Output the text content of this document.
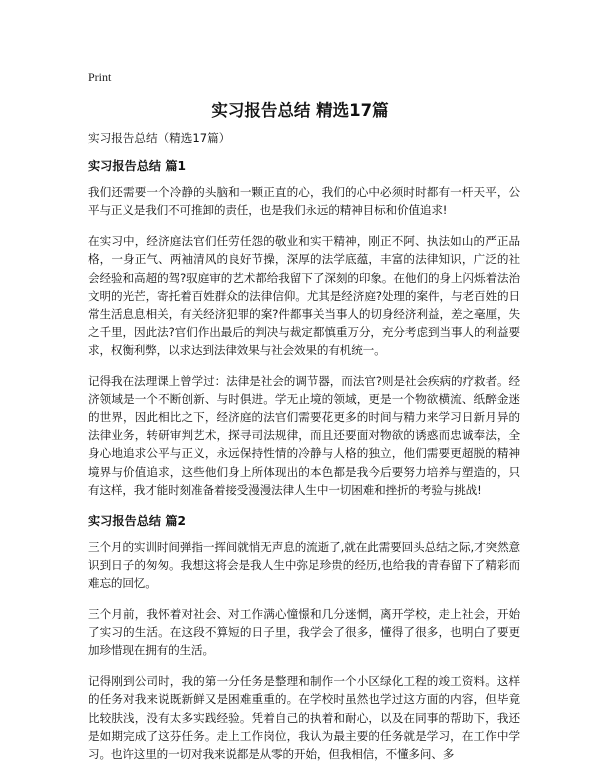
Print
实习报告总结 精选17篇
实习报告总结（精选17篇）
实习报告总结 篇1

我们还需要一个冷静的头脑和一颗正直的心，我们的心中必须时时都有一杆天平，公平与正义是我们不可推卸的责任，也是我们永远的精神目标和价值追求!

在实习中，经济庭法官们任劳任怨的敬业和实干精神，刚正不阿、执法如山的严正品格，一身正气、两袖清风的良好节操，深厚的法学底蕴，丰富的法律知识，广泛的社会经验和高超的驾?驭庭审的艺术都给我留下了深刻的印象。在他们的身上闪烁着法治文明的光芒，寄托着百姓群众的法律信仰。尤其是经济庭?处理的案件，与老百姓的日常生活息息相关，有关经济犯罪的案?件都事关当事人的切身经济利益，差之毫厘，失之千里，因此法?官们作出最后的判决与裁定都慎重万分，充分考虑到当事人的利益要求，权衡利弊，以求达到法律效果与社会效果的有机统一。

记得我在法理课上曾学过：法律是社会的调节器，而法官?则是社会疾病的疗救者。经济领域是一个不断创新、与时俱进。学无止境的领域，更是一个物欲横流、纸醉金迷的世界，因此相比之下，经济庭的法官们需要花更多的时间与精力来学习日新月异的法律业务，转研审判艺术，探寻司法规律，而且还要面对物欲的诱惑而忠诚奉法，全身心地追求公平与正义，永远保持性情的冷静与人格的独立，他们需要更超脱的精神境界与价值追求，这些他们身上所体现出的本色都是我今后要努力培养与塑造的，只有这样，我才能时刻准备着接受漫漫法律人生中一切困难和挫折的考验与挑战!

实习报告总结 篇2

三个月的实训时间弹指一挥间就悄无声息的流逝了,就在此需要回头总结之际,才突然意识到日子的匆匆。我想这将会是我人生中弥足珍贵的经历,也给我的青春留下了精彩而难忘的回忆。

三个月前，我怀着对社会、对工作满心憧憬和几分迷惘，离开学校，走上社会，开始了实习的生活。在这段不算短的日子里，我学会了很多，懂得了很多，也明白了要更加珍惜现在拥有的生活。

记得刚到公司时，我的第一分任务是整理和制作一个小区绿化工程的竣工资料。这样的任务对我来说既新鲜又是困难重重的。在学校时虽然也学过这方面的内容，但毕竟比较肤浅，没有太多实践经验。凭着自己的执着和耐心，以及在同事的帮助下，我还是如期完成了这芬任务。走上工作岗位，我认为最主要的任务就是学习，在工作中学习。也许这里的一切对我来说都是从零的开始，但我相信，不懂多问、多
